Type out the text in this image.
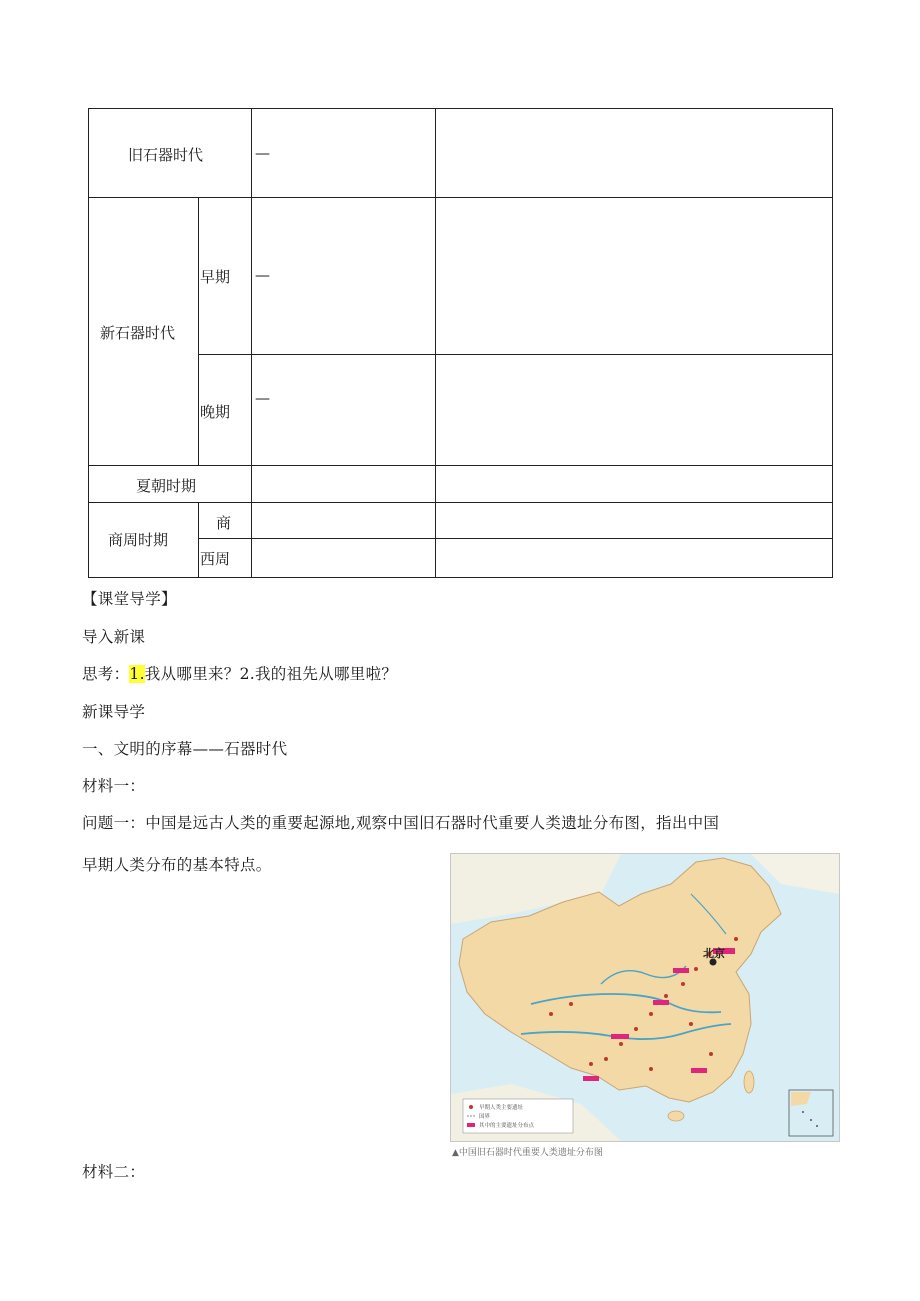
旧石器时代	—
新石器时代
早期 —
晚期
—
夏朝时期
商周时期
商
西周
【课堂导学】
导入新课
思考：1.我从哪里来？2.我的祖先从哪里啦？
新课导学
一、文明的序幕——石器时代
材料一：
问题一：中国是远古人类的重要起源地,观察中国旧石器时代重要人类遗址分布图，指出中国
早期人类分布的基本特点。
材料二：
北京
早期人类主要遗址
国界
其中的主要遗址分布点
▲中国旧石器时代重要人类遗址分布图
